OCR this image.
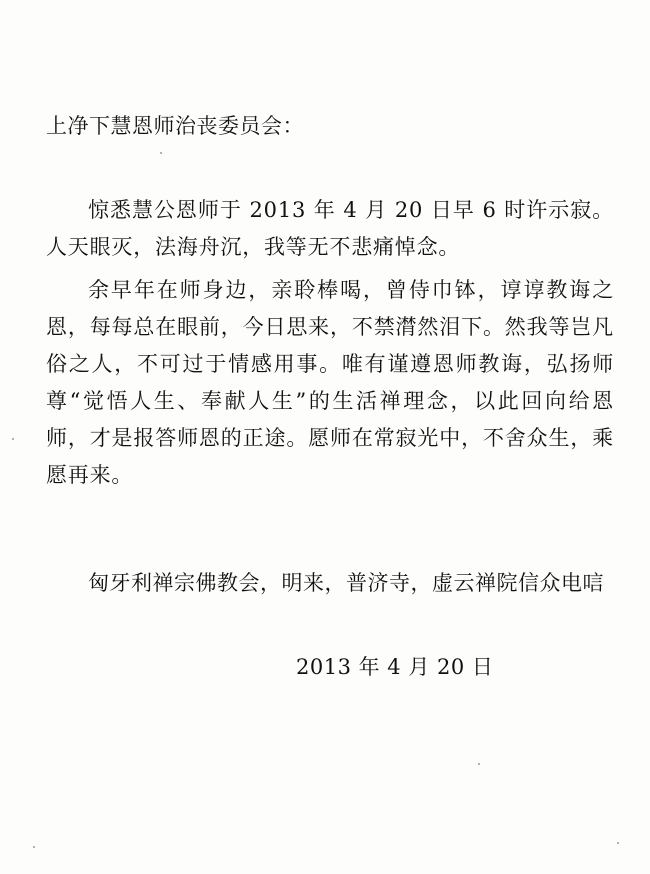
上净下慧恩师治丧委员会：

惊悉慧公恩师于 2013 年 4 月 20 日早 6 时许示寂。人天眼灭，法海舟沉，我等无不悲痛悼念。

余早年在师身边，亲聆棒喝，曾侍巾钵，谆谆教诲之恩，每每总在眼前，今日思来，不禁潸然泪下。然我等岂凡俗之人，不可过于情感用事。唯有谨遵恩师教诲，弘扬师尊“觉悟人生、奉献人生”的生活禅理念，以此回向给恩师，才是报答师恩的正途。愿师在常寂光中，不舍众生，乘愿再来。

匈牙利禅宗佛教会，明来，普济寺，虚云禅院信众电唁

2013 年 4 月 20 日
